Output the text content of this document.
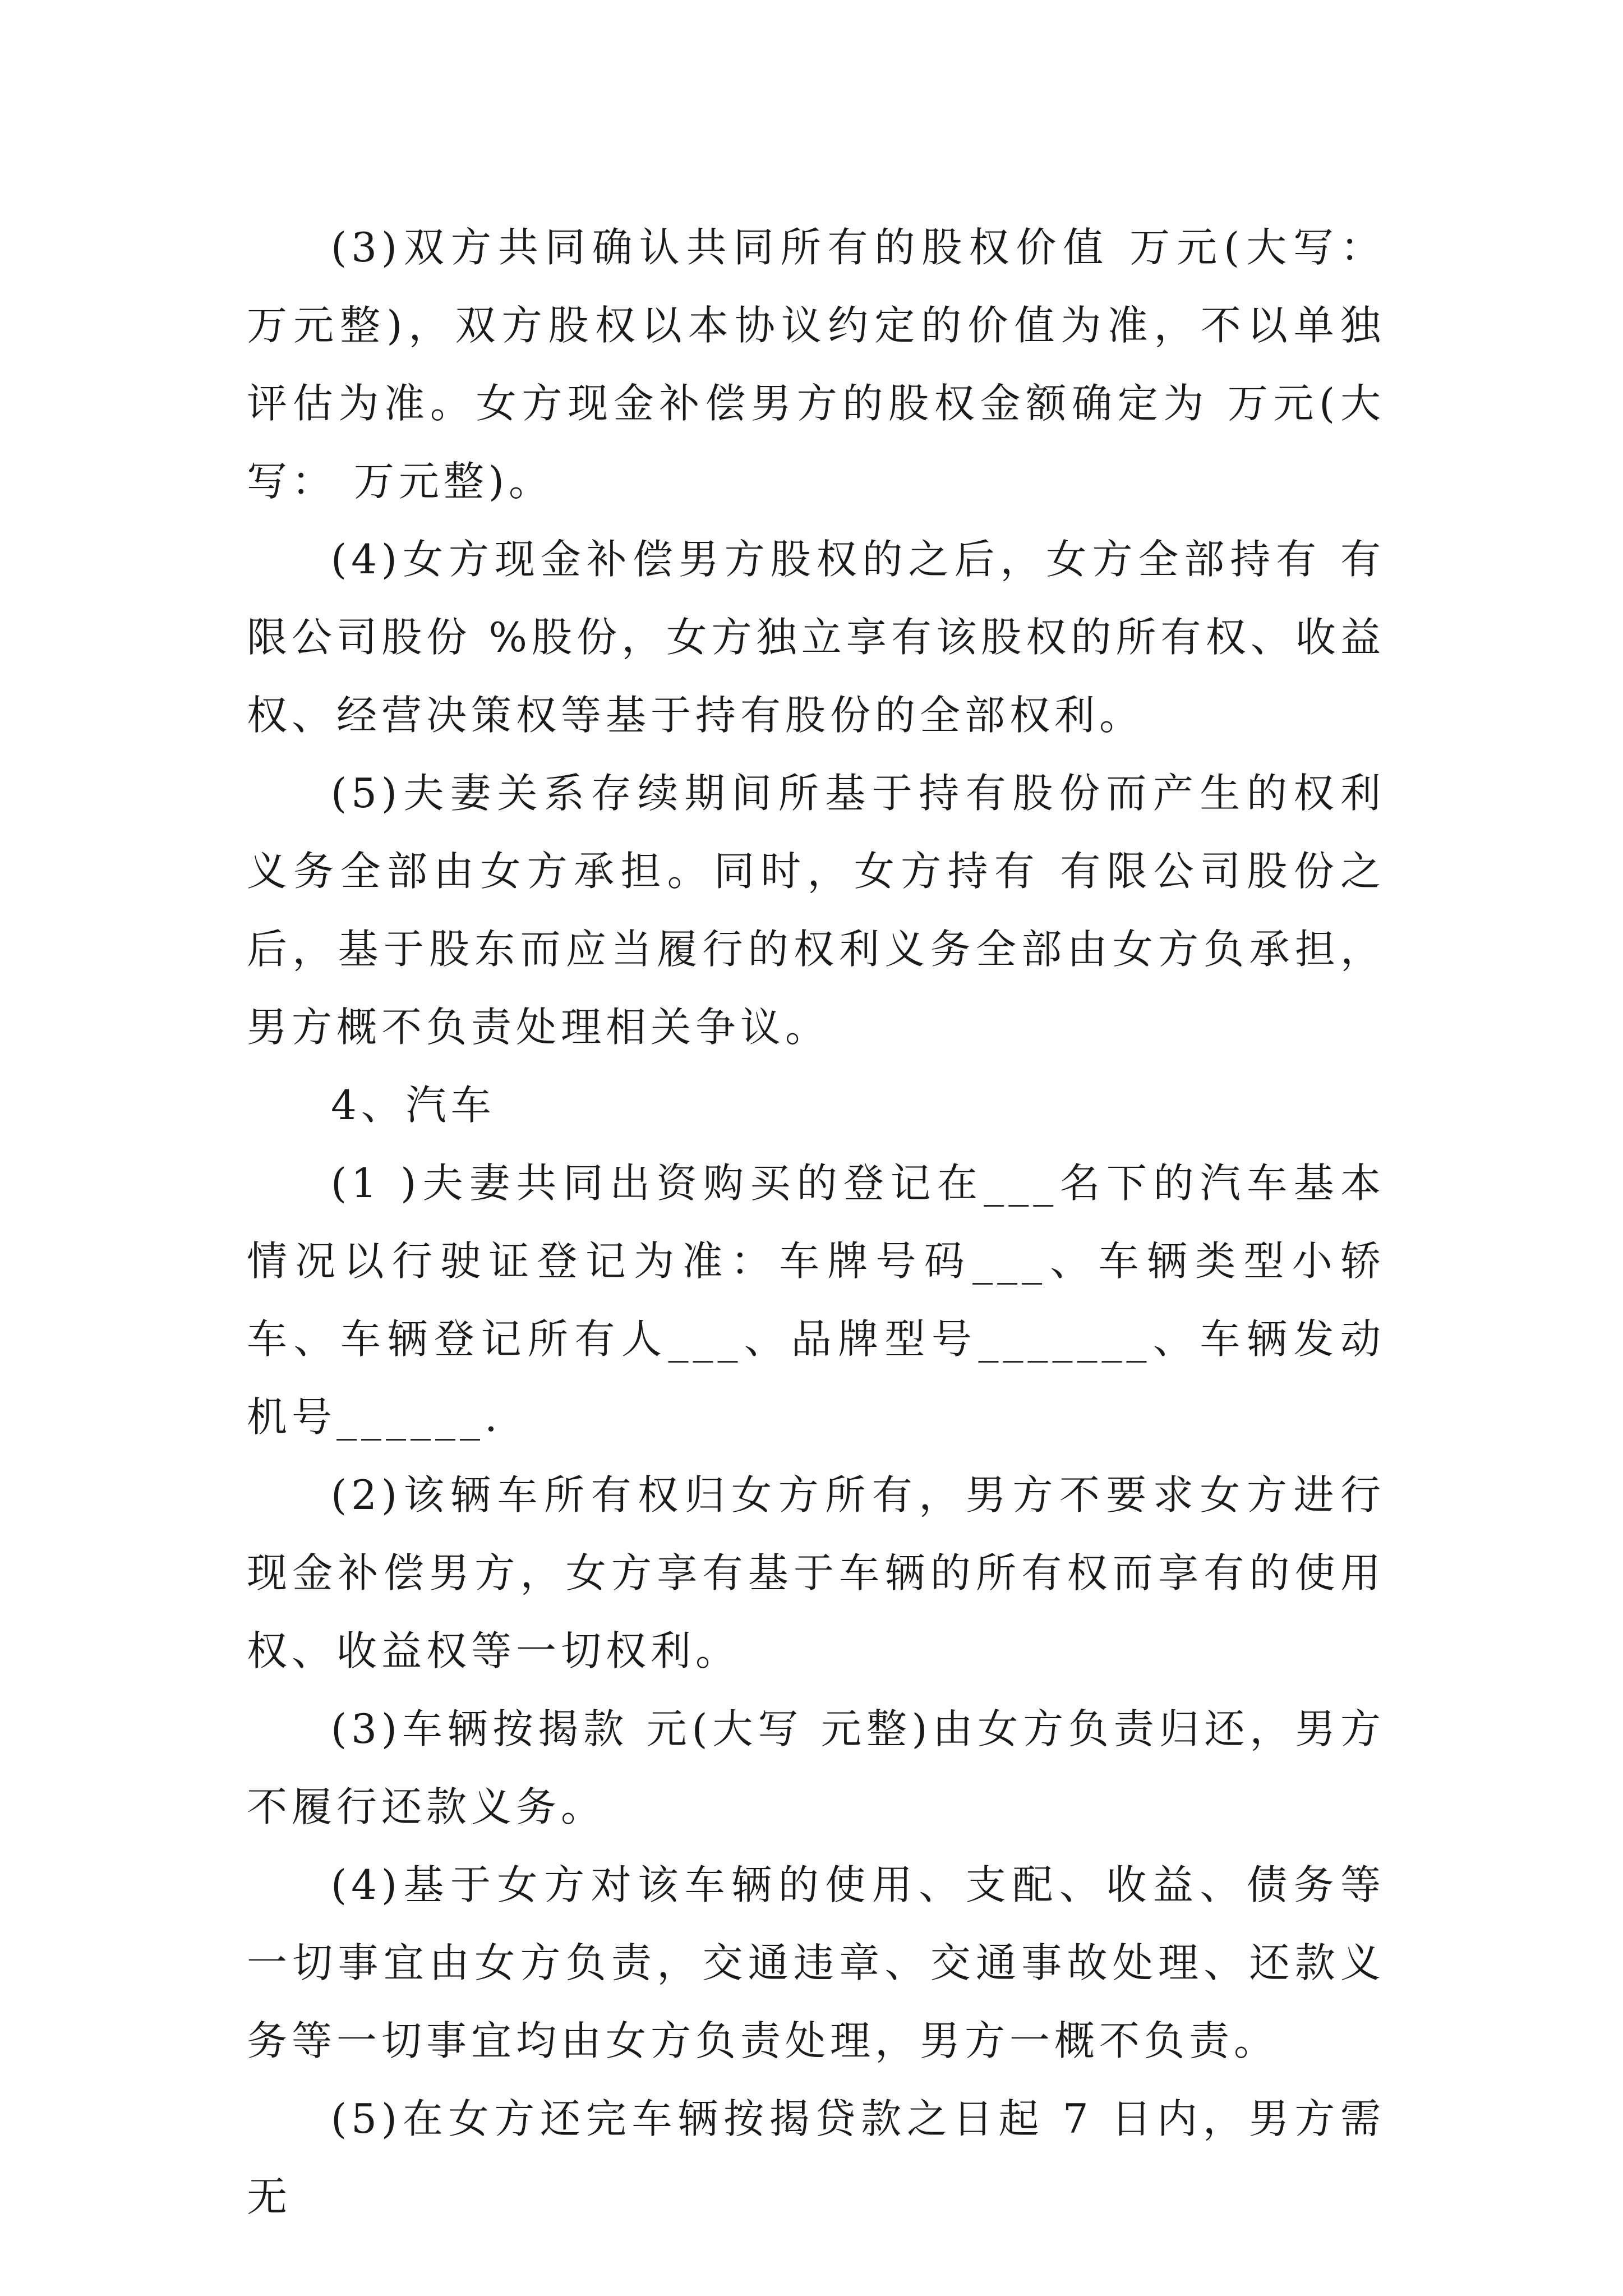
(3)双方共同确认共同所有的股权价值 万元(大写： 万元整)，双方股权以本协议约定的价值为准，不以单独评估为准。女方现金补偿男方的股权金额确定为 万元(大写： 万元整)。

(4)女方现金补偿男方股权的之后，女方全部持有 有限公司股份 %股份，女方独立享有该股权的所有权、收益权、经营决策权等基于持有股份的全部权利。

(5)夫妻关系存续期间所基于持有股份而产生的权利义务全部由女方承担。同时，女方持有 有限公司股份之后，基于股东而应当履行的权利义务全部由女方负承担，男方概不负责处理相关争议。

4、汽车

(1 )夫妻共同出资购买的登记在___名下的汽车基本情况以行驶证登记为准：车牌号码___、车辆类型小轿车、车辆登记所有人___、品牌型号_______、车辆发动机号______.

(2)该辆车所有权归女方所有，男方不要求女方进行现金补偿男方，女方享有基于车辆的所有权而享有的使用权、收益权等一切权利。

(3)车辆按揭款 元(大写 元整)由女方负责归还，男方不履行还款义务。

(4)基于女方对该车辆的使用、支配、收益、债务等一切事宜由女方负责，交通违章、交通事故处理、还款义务等一切事宜均由女方负责处理，男方一概不负责。

(5)在女方还完车辆按揭贷款之日起 7 日内，男方需无
